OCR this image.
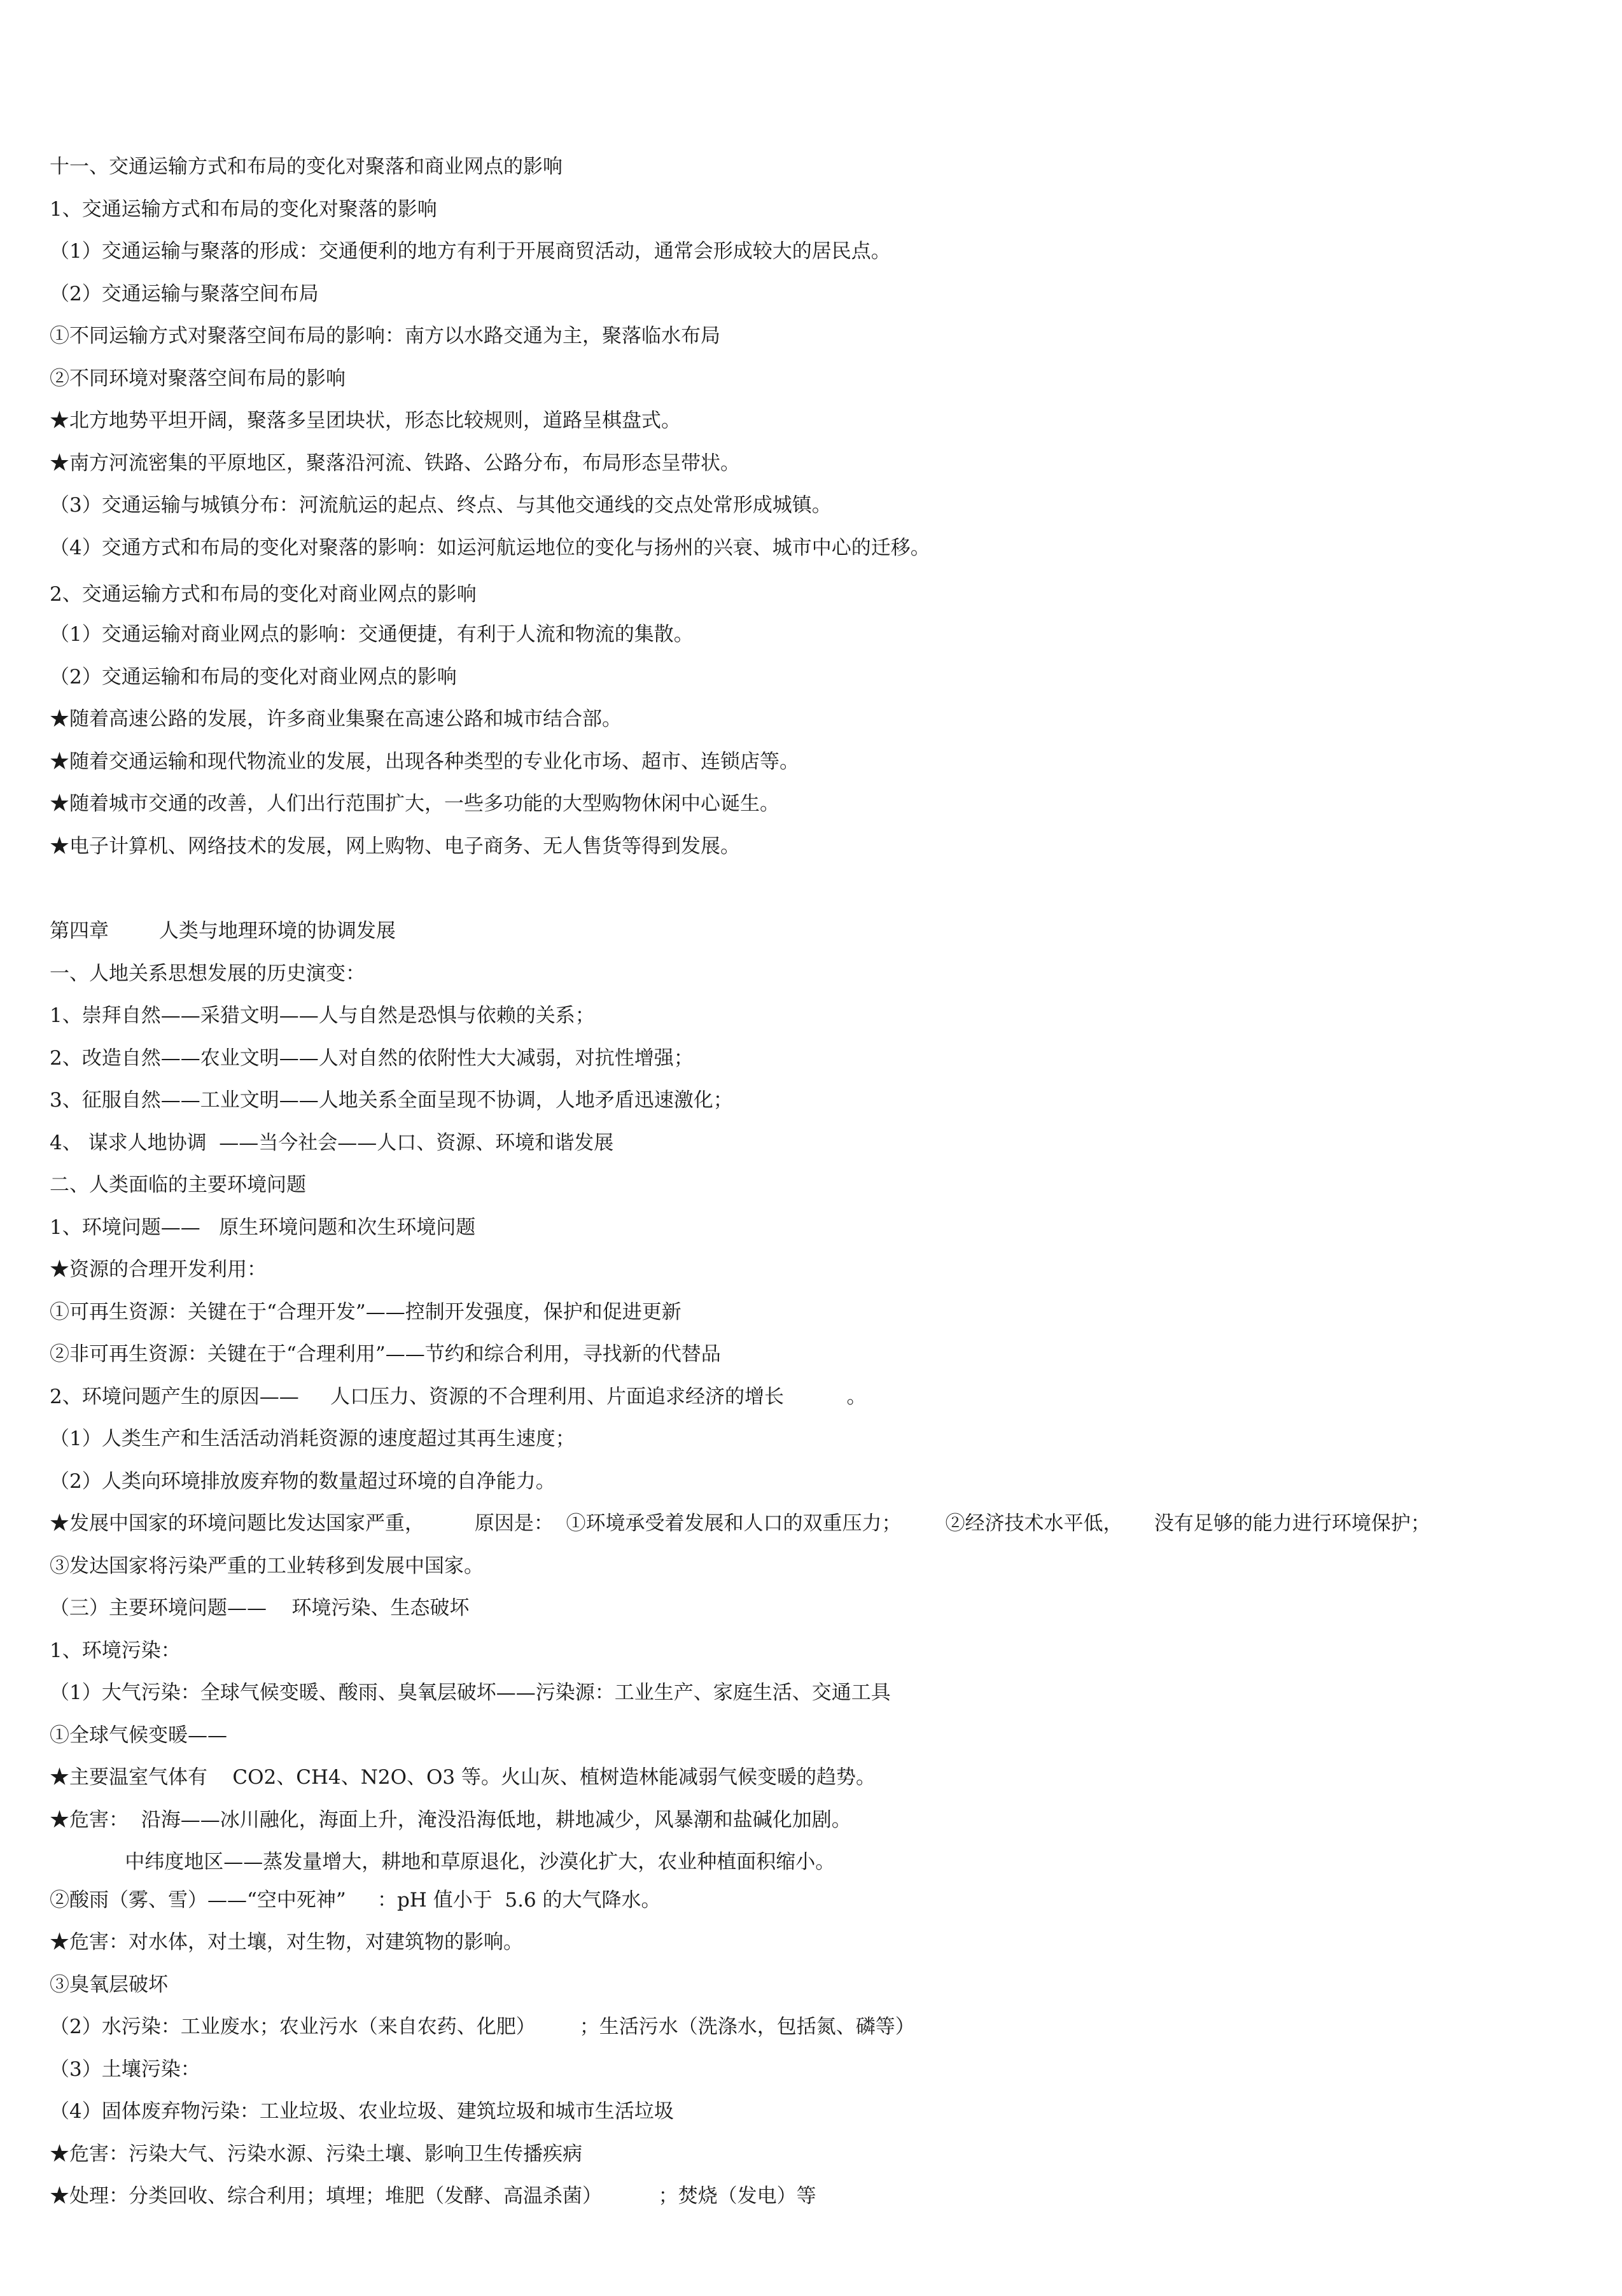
十一、交通运输方式和布局的变化对聚落和商业网点的影响
1、交通运输方式和布局的变化对聚落的影响
（1）交通运输与聚落的形成：交通便利的地方有利于开展商贸活动，通常会形成较大的居民点。
（2）交通运输与聚落空间布局
①不同运输方式对聚落空间布局的影响：南方以水路交通为主，聚落临水布局
②不同环境对聚落空间布局的影响
★北方地势平坦开阔，聚落多呈团块状，形态比较规则，道路呈棋盘式。
★南方河流密集的平原地区，聚落沿河流、铁路、公路分布，布局形态呈带状。
（3）交通运输与城镇分布：河流航运的起点、终点、与其他交通线的交点处常形成城镇。
（4）交通方式和布局的变化对聚落的影响：如运河航运地位的变化与扬州的兴衰、城市中心的迁移。
2、交通运输方式和布局的变化对商业网点的影响
（1）交通运输对商业网点的影响：交通便捷，有利于人流和物流的集散。
（2）交通运输和布局的变化对商业网点的影响
★随着高速公路的发展，许多商业集聚在高速公路和城市结合部。
★随着交通运输和现代物流业的发展，出现各种类型的专业化市场、超市、连锁店等。
★随着城市交通的改善，人们出行范围扩大，一些多功能的大型购物休闲中心诞生。
★电子计算机、网络技术的发展，网上购物、电子商务、无人售货等得到发展。
第四章        人类与地理环境的协调发展
一、人地关系思想发展的历史演变：
1、崇拜自然——采猎文明——人与自然是恐惧与依赖的关系；
2、改造自然——农业文明——人对自然的依附性大大减弱，对抗性增强；
3、征服自然——工业文明——人地关系全面呈现不协调，人地矛盾迅速激化；
4、 谋求人地协调  ——当今社会——人口、资源、环境和谐发展
二、人类面临的主要环境问题
1、环境问题——   原生环境问题和次生环境问题
★资源的合理开发利用：
①可再生资源：关键在于“合理开发”——控制开发强度，保护和促进更新
②非可再生资源：关键在于“合理利用”——节约和综合利用，寻找新的代替品
2、环境问题产生的原因——     人口压力、资源的不合理利用、片面追求经济的增长          。
（1）人类生产和生活活动消耗资源的速度超过其再生速度；
（2）人类向环境排放废弃物的数量超过环境的自净能力。
★发展中国家的环境问题比发达国家严重，        原因是：  ①环境承受着发展和人口的双重压力；       ②经济技术水平低，     没有足够的能力进行环境保护；
③发达国家将污染严重的工业转移到发展中国家。
（三）主要环境问题——    环境污染、生态破坏
1、环境污染：
（1）大气污染：全球气候变暖、酸雨、臭氧层破坏——污染源：工业生产、家庭生活、交通工具
①全球气候变暖——
★主要温室气体有    CO2、CH4、N2O、O3 等。火山灰、植树造林能减弱气候变暖的趋势。
★危害：  沿海——冰川融化，海面上升，淹没沿海低地，耕地减少，风暴潮和盐碱化加剧。
中纬度地区——蒸发量增大，耕地和草原退化，沙漠化扩大，农业种植面积缩小。
②酸雨（雾、雪）——“空中死神”     ：pH 值小于  5.6 的大气降水。
★危害：对水体，对土壤，对生物，对建筑物的影响。
③臭氧层破坏
（2）水污染：工业废水；农业污水（来自农药、化肥）       ；生活污水（洗涤水，包括氮、磷等）
（3）土壤污染：
（4）固体废弃物污染：工业垃圾、农业垃圾、建筑垃圾和城市生活垃圾
★危害：污染大气、污染水源、污染土壤、影响卫生传播疾病
★处理：分类回收、综合利用；填埋；堆肥（发酵、高温杀菌）         ；焚烧（发电）等
